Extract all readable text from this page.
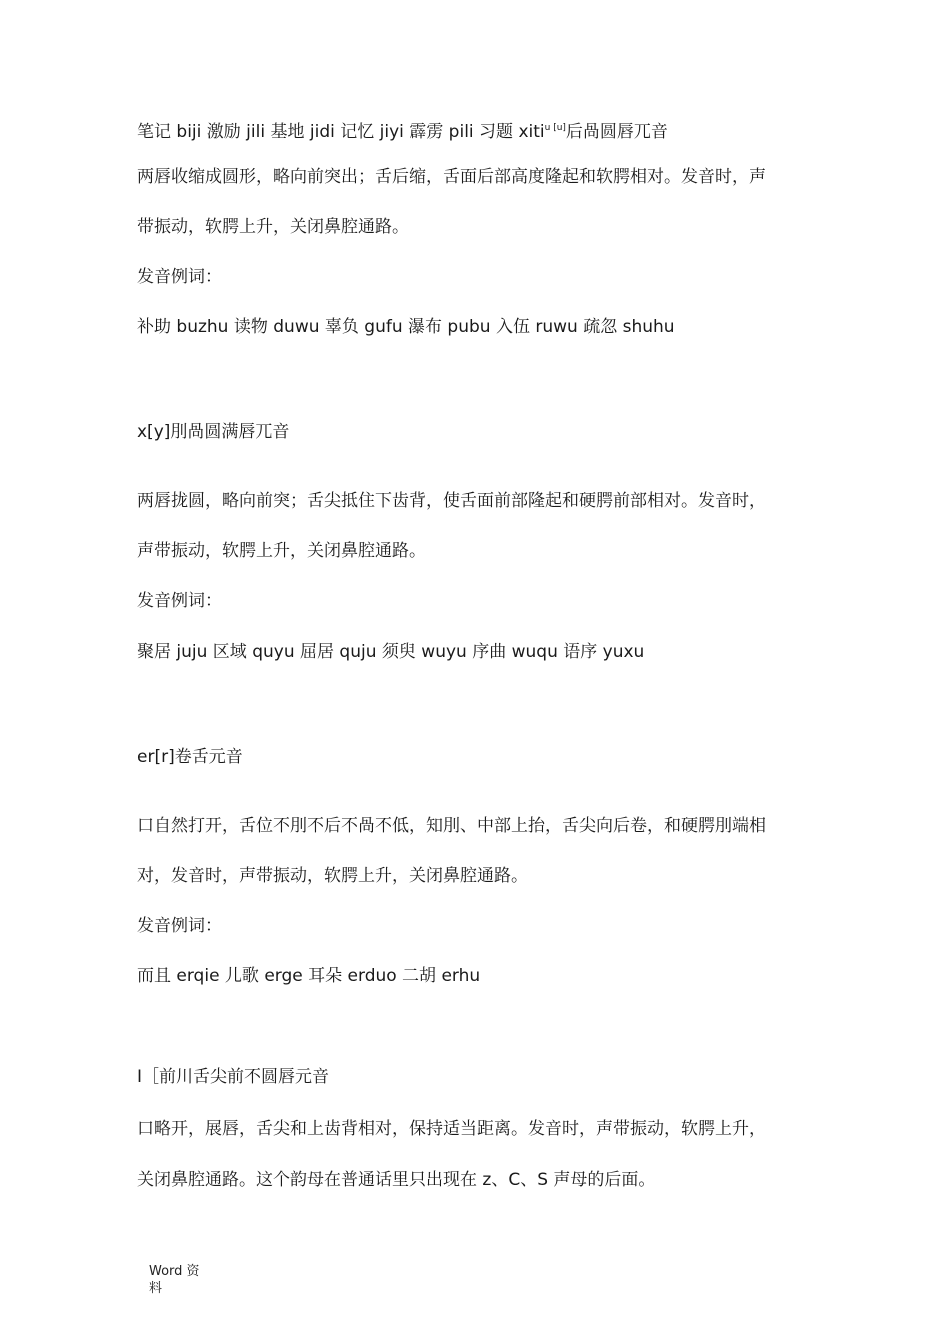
笔记 biji 激励 jili 基地 jidi 记忆 jiyi 霹雳 pili 习题 xiti$^{u [u]}$后咼圆唇兀音
两唇收缩成圆形，略向前突出；舌后缩，舌面后部高度隆起和软腭相对。发音时，声
带振动，软腭上升，关闭鼻腔通路。
发音例词：
补助 buzhu 读物 duwu 辜负 gufu 瀑布 pubu 入伍 ruwu 疏忽 shuhu
x[y]刖咼圆满唇兀音
两唇拢圆，略向前突；舌尖抵住下齿背，使舌面前部隆起和硬腭前部相对。发音时，
声带振动，软腭上升，关闭鼻腔通路。
发音例词：
聚居 juju 区域 quyu 屈居 quju 须臾 wuyu 序曲 wuqu 语序 yuxu
er[r]卷舌元音
口自然打开，舌位不刖不后不咼不低，知刖、中部上抬，舌尖向后卷，和硬腭刖端相
对，发音时，声带振动，软腭上升，关闭鼻腔通路。
发音例词：
而且 erqie 儿歌 erge 耳朵 erduo 二胡 erhu
I［前川舌尖前不圆唇元音
口略开，展唇，舌尖和上齿背相对，保持适当距离。发音时，声带振动，软腭上升，
关闭鼻腔通路。这个韵母在普通话里只出现在 z、C、S 声母的后面。
Word 资料
